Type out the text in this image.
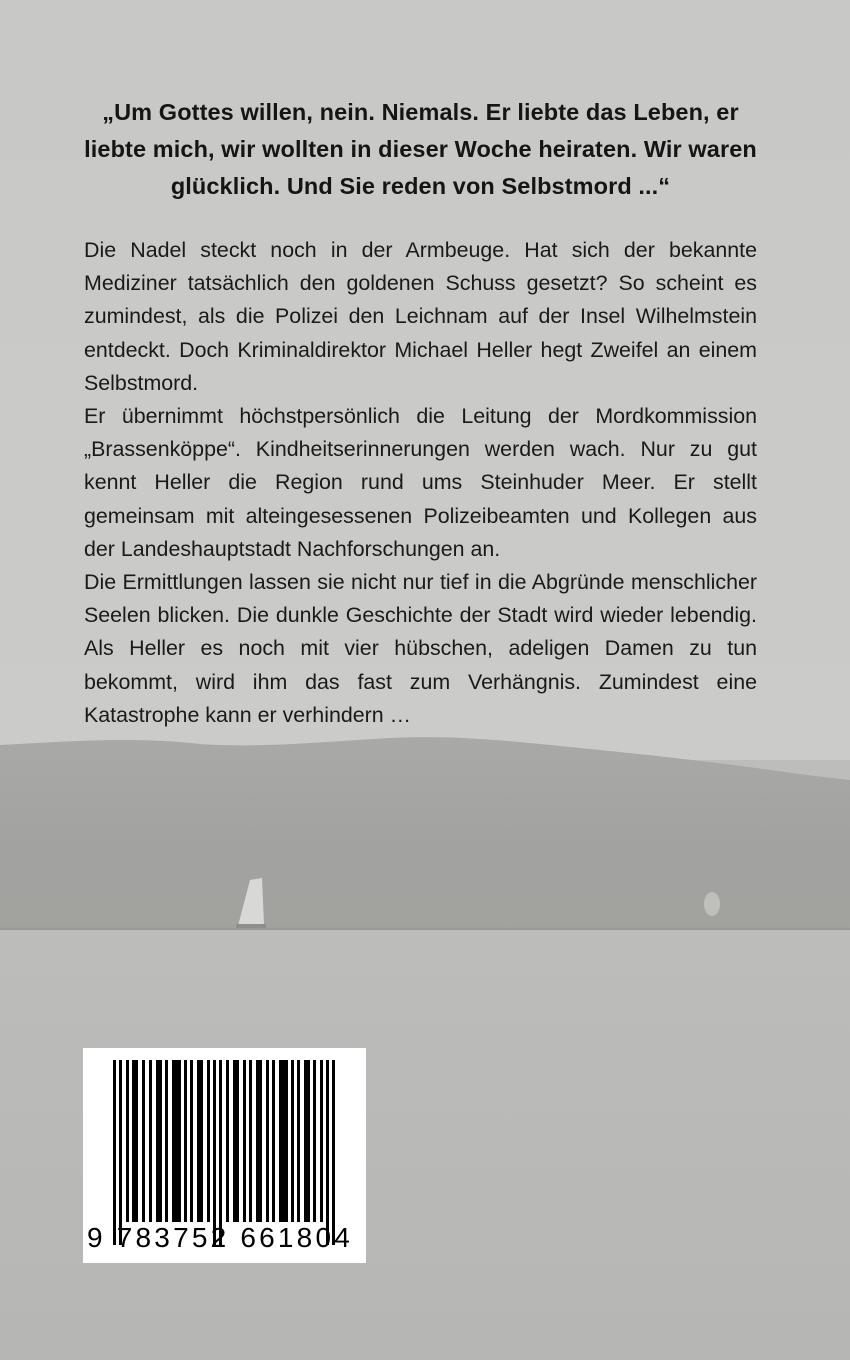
„Um Gottes willen, nein. Niemals. Er liebte das Leben, er liebte mich, wir wollten in dieser Woche heiraten. Wir waren glücklich. Und Sie reden von Selbstmord ...“

Die Nadel steckt noch in der Armbeuge. Hat sich der bekannte Mediziner tatsächlich den goldenen Schuss gesetzt? So scheint es zumindest, als die Polizei den Leichnam auf der Insel Wilhelmstein entdeckt. Doch Kriminaldirektor Michael Heller hegt Zweifel an einem Selbstmord.

Er übernimmt höchstpersönlich die Leitung der Mordkommission „Brassenköppe“. Kindheitserinnerungen werden wach. Nur zu gut kennt Heller die Region rund ums Steinhuder Meer. Er stellt gemeinsam mit alteingesessenen Polizeibeamten und Kollegen aus der Landeshauptstadt Nachforschungen an.

Die Ermittlungen lassen sie nicht nur tief in die Abgründe menschlicher Seelen blicken. Die dunkle Geschichte der Stadt wird wieder lebendig. Als Heller es noch mit vier hübschen, adeligen Damen zu tun bekommt, wird ihm das fast zum Verhängnis. Zumindest eine Katastrophe kann er verhindern …

9 783752 661804
